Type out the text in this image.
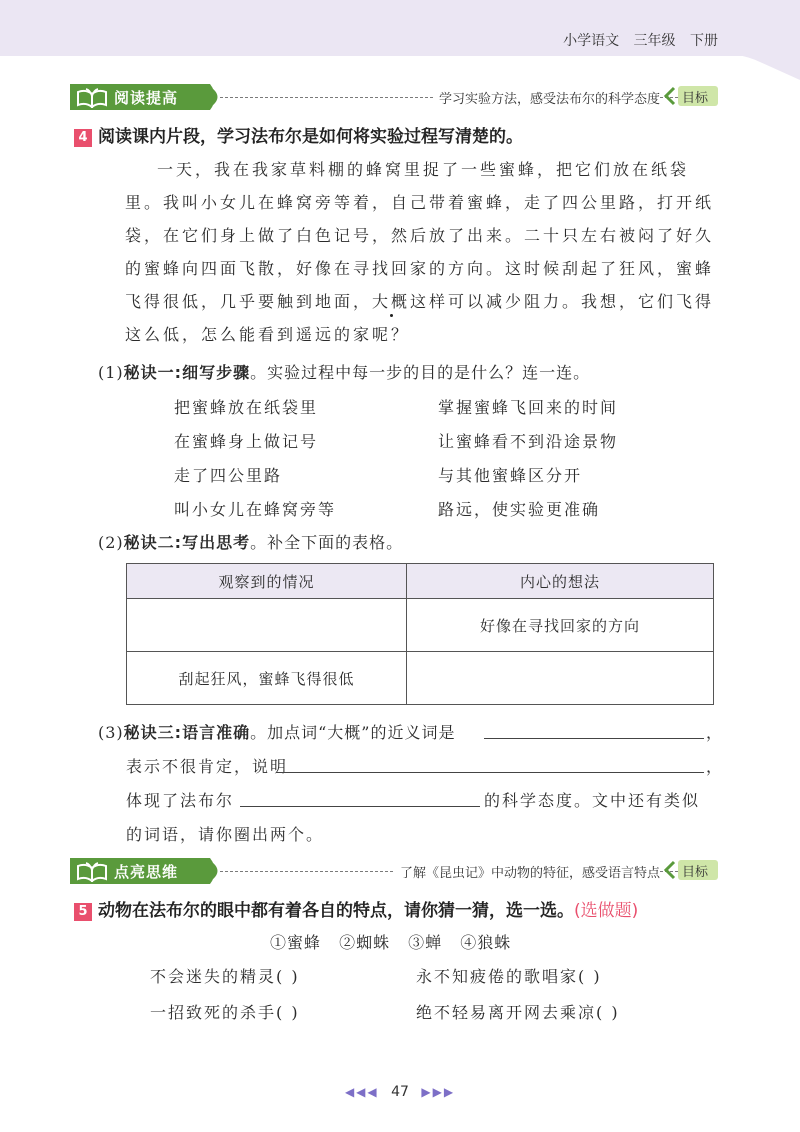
小学语文 三年级 下册
阅读提高	学习实验方法，感受法布尔的科学态度 目标
4 阅读课内片段，学习法布尔是如何将实验过程写清楚的。

一天，我在我家草料棚的蜂窝里捉了一些蜜蜂，把它们放在纸袋里。我叫小女儿在蜂窝旁等着，自己带着蜜蜂，走了四公里路，打开纸袋，在它们身上做了白色记号，然后放了出来。二十只左右被闷了好久的蜜蜂向四面飞散，好像在寻找回家的方向。这时候刮起了狂风，蜜蜂飞得很低，几乎要触到地面，大概这样可以减少阻力。我想，它们飞得这么低，怎么能看到遥远的家呢？

(1)秘诀一:细写步骤。实验过程中每一步的目的是什么？连一连。
把蜜蜂放在纸袋里
在蜜蜂身上做记号
走了四公里路
叫小女儿在蜂窝旁等
掌握蜜蜂飞回来的时间
让蜜蜂看不到沿途景物
与其他蜜蜂区分开
路远，使实验更准确
(2)秘诀二:写出思考。补全下面的表格。
观察到的情况	内心的想法
	好像在寻找回家的方向
刮起狂风，蜜蜂飞得很低	
(3)秘诀三:语言准确。加点词“大概”的近义词是	，
表示不很肯定，说明	，
体现了法布尔	的科学态度。文中还有类似
的词语，请你圈出两个。
点亮思维	了解《昆虫记》中动物的特征，感受语言特点 目标
5 动物在法布尔的眼中都有着各自的特点，请你猜一猜，选一选。(选做题)
①蜜蜂 ②蜘蛛 ③蝉 ④狼蛛
不会迷失的精灵( )	永不知疲倦的歌唱家( )
一招致死的杀手( )	绝不轻易离开网去乘凉( )
◀◀◀ 47 ▶▶▶
